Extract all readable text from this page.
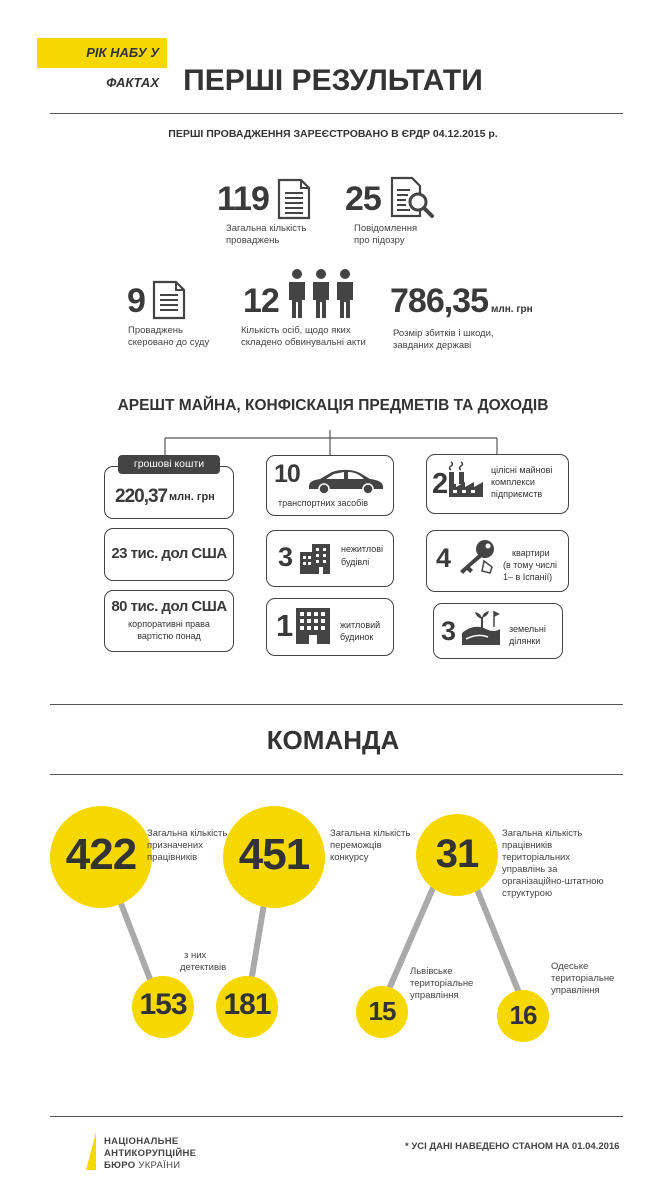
РІК НАБУ У ФАКТАХ ПЕРШІ РЕЗУЛЬТАТИ
ПЕРШІ ПРОВАДЖЕННЯ ЗАРЕЄСТРОВАНО В ЄРДР 04.12.2015 р.
119
Загальна кількість
проваджень
25
Повідомлення
про підозру
9
Проваджень
скеровано до суду
12
Кількість осіб, щодо яких
складено обвинувальні акти
786,35 млн. грн
Розмір збитків і шкоди,
завданих державі
АРЕШТ МАЙНА, КОНФІСКАЦІЯ ПРЕДМЕТІВ ТА ДОХОДІВ
грошові кошти
220,37 млн. грн
23 тис. дол США
80 тис. дол США
корпоративні права
вартістю понад
10
транспортних засобів
3	нежитлові
будівлі
1	житловий
будинок
2	цілісні майнові
комплекси
підприємств
4	квартири
(в тому числі
1– в Іспанії)
3	земельні
ділянки
КОМАНДА
422	Загальна кількість
призначених
працівників 451	Загальна кількість
переможців
конкурсу	31	Загальна кількість
працівників
територіальних
управлінь за
організаційно-штатною
структурою
з них
детективів
153 181	15
Львівське
територіальне
управління
16
Одеське
територіальне
управління
НАЦІОНАЛЬНЕ
АНТИКОРУПЦІЙНЕ
БЮРО УКРАЇНИ
* УСІ ДАНІ НАВЕДЕНО СТАНОМ НА 01.04.2016
